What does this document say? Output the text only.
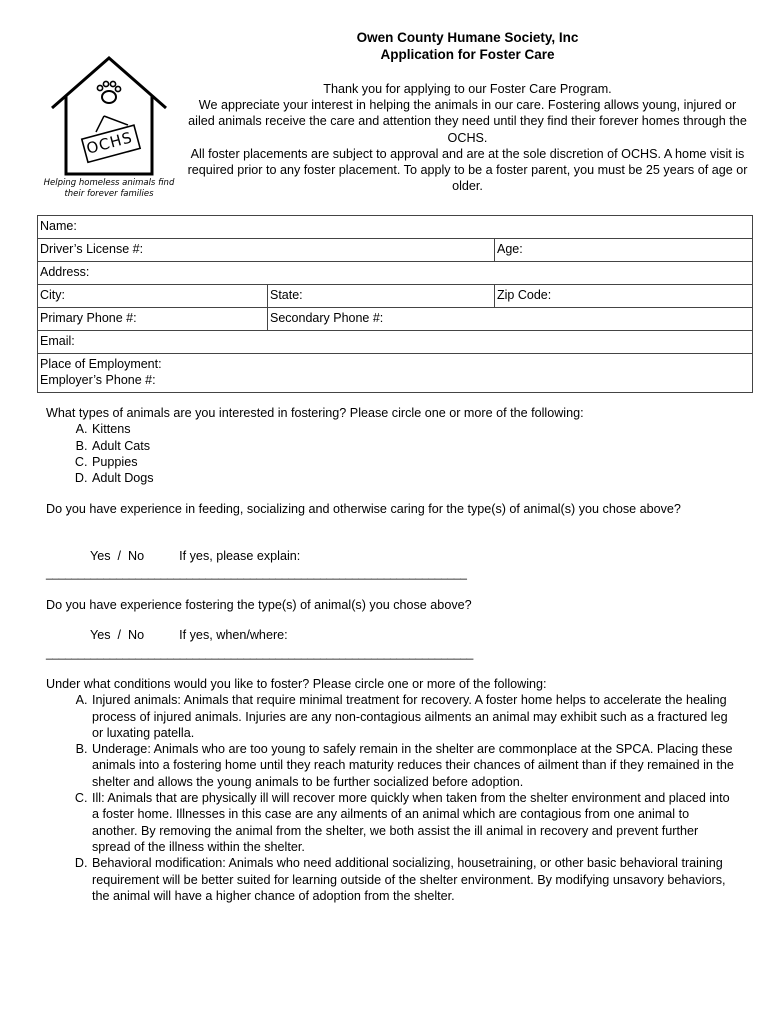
OCHS
Helping homeless animals find
their forever families
Owen County Humane Society, Inc
Application for Foster Care

Thank you for applying to our Foster Care Program.

We appreciate your interest in helping the animals in our care. Fostering allows young, injured or ailed animals receive the care and attention they need until they find their forever homes through the OCHS.

All foster placements are subject to approval and are at the sole discretion of OCHS. A home visit is required prior to any foster placement. To apply to be a foster parent, you must be 25 years of age or older.

Name:		
Driver’s License #:		Age:
Address:		
City:	State:	Zip Code:
Primary Phone #:	Secondary Phone #:	
Email:		

Place of Employment:
Employer’s Phone #:		

What types of animals are you interested in fostering? Please circle one or more of the following:

A. Kittens
B. Adult Cats
C. Puppies
D. Adult Dogs

Do you have experience in feeding, socializing and otherwise caring for the type(s) of animal(s) you chose above?

Yes  /  No	If yes, please explain:
__________________________________________________________________

Do you have experience fostering the type(s) of animal(s) you chose above?

Yes  /  No	If yes, when/where:
___________________________________________________________________

Under what conditions would you like to foster? Please circle one or more of the following:

A. Injured animals: Animals that require minimal treatment for recovery. A foster home helps to accelerate the healing process of injured animals. Injuries are any non-contagious ailments an animal may exhibit such as a fractured leg or luxating patella.
B. Underage: Animals who are too young to safely remain in the shelter are commonplace at the SPCA. Placing these animals into a fostering home until they reach maturity reduces their chances of ailment than if they remained in the shelter and allows the young animals to be further socialized before adoption.
C. Ill: Animals that are physically ill will recover more quickly when taken from the shelter environment and placed into a foster home. Illnesses in this case are any ailments of an animal which are contagious from one animal to another. By removing the animal from the shelter, we both assist the ill animal in recovery and prevent further spread of the illness within the shelter.
D. Behavioral modification: Animals who need additional socializing, housetraining, or other basic behavioral training requirement will be better suited for learning outside of the shelter environment. By modifying unsavory behaviors, the animal will have a higher chance of adoption from the shelter.
